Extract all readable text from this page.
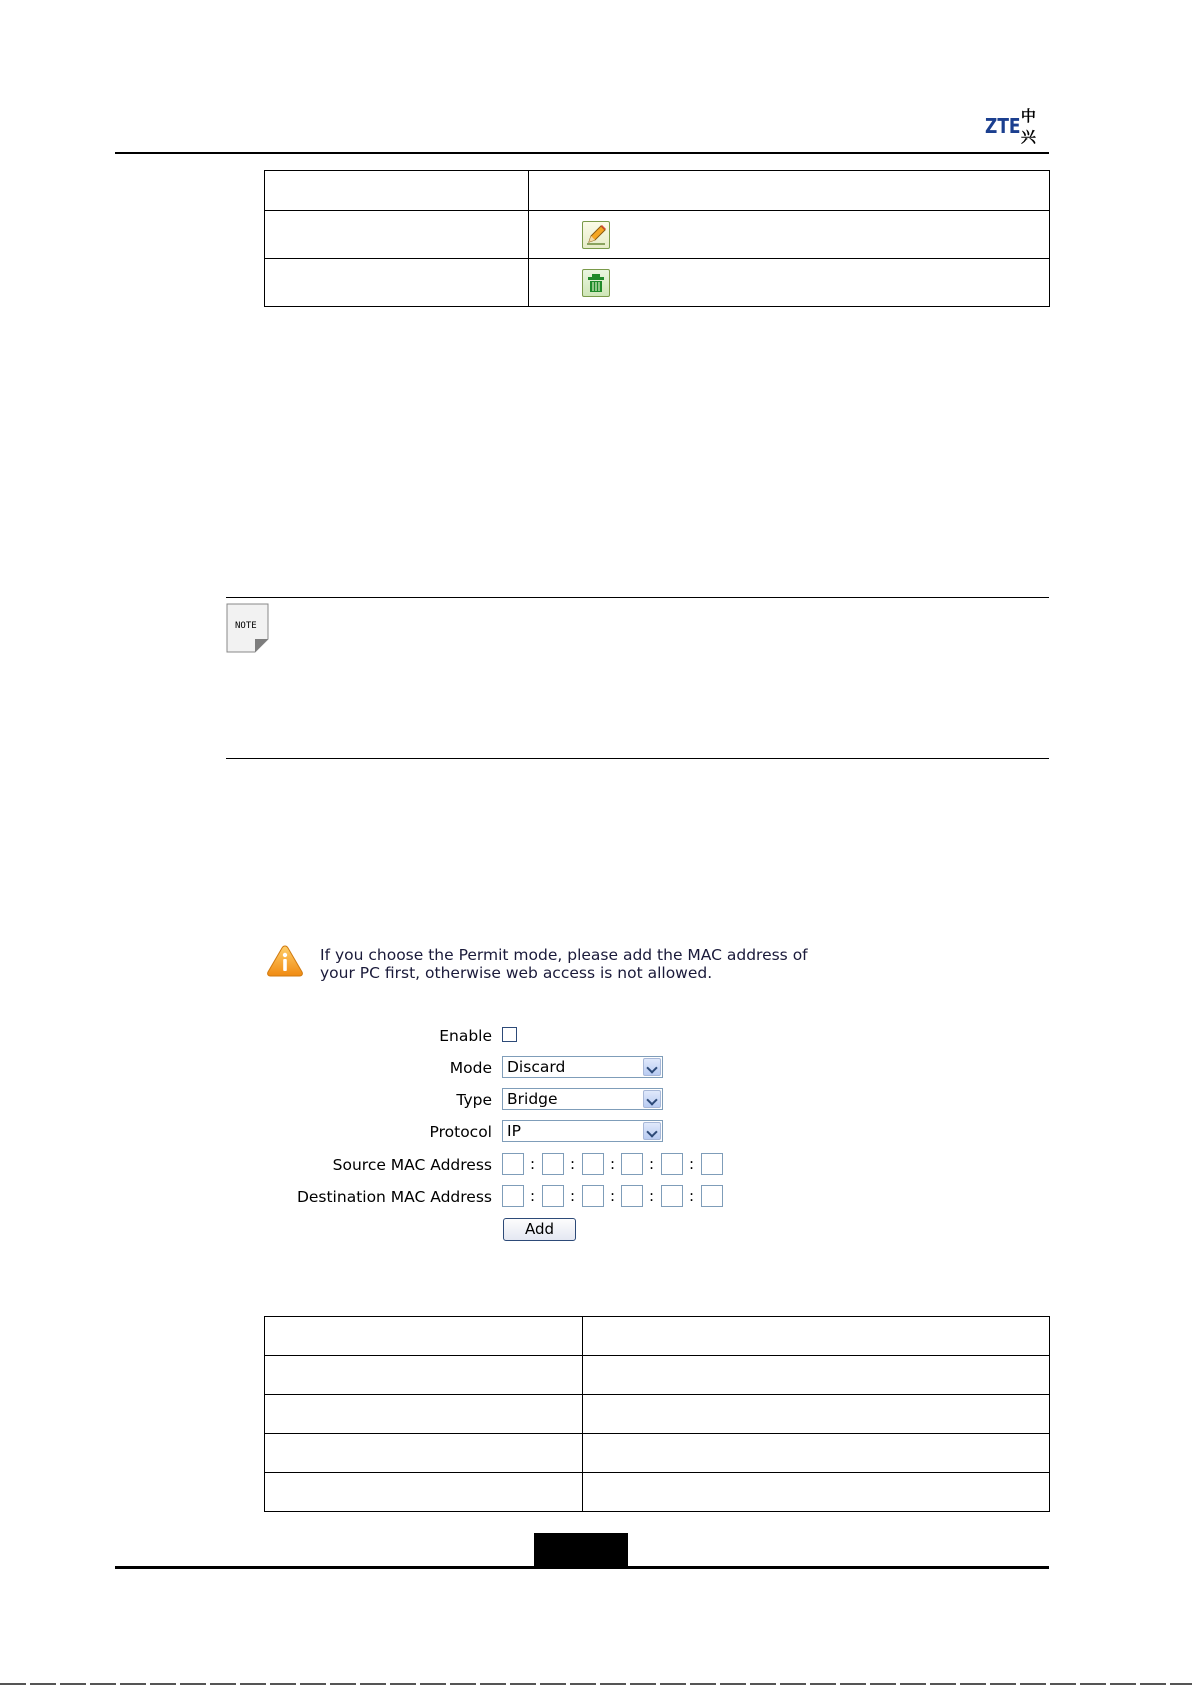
ZTE 中兴

NOTE
If you choose the Permit mode, please add the MAC address of your PC first, otherwise web access is not allowed.
Enable
Mode Discard
Type Bridge
Protocol IP
Source MAC Address	: : : : :
Destination MAC Address	: : : : :
Add
